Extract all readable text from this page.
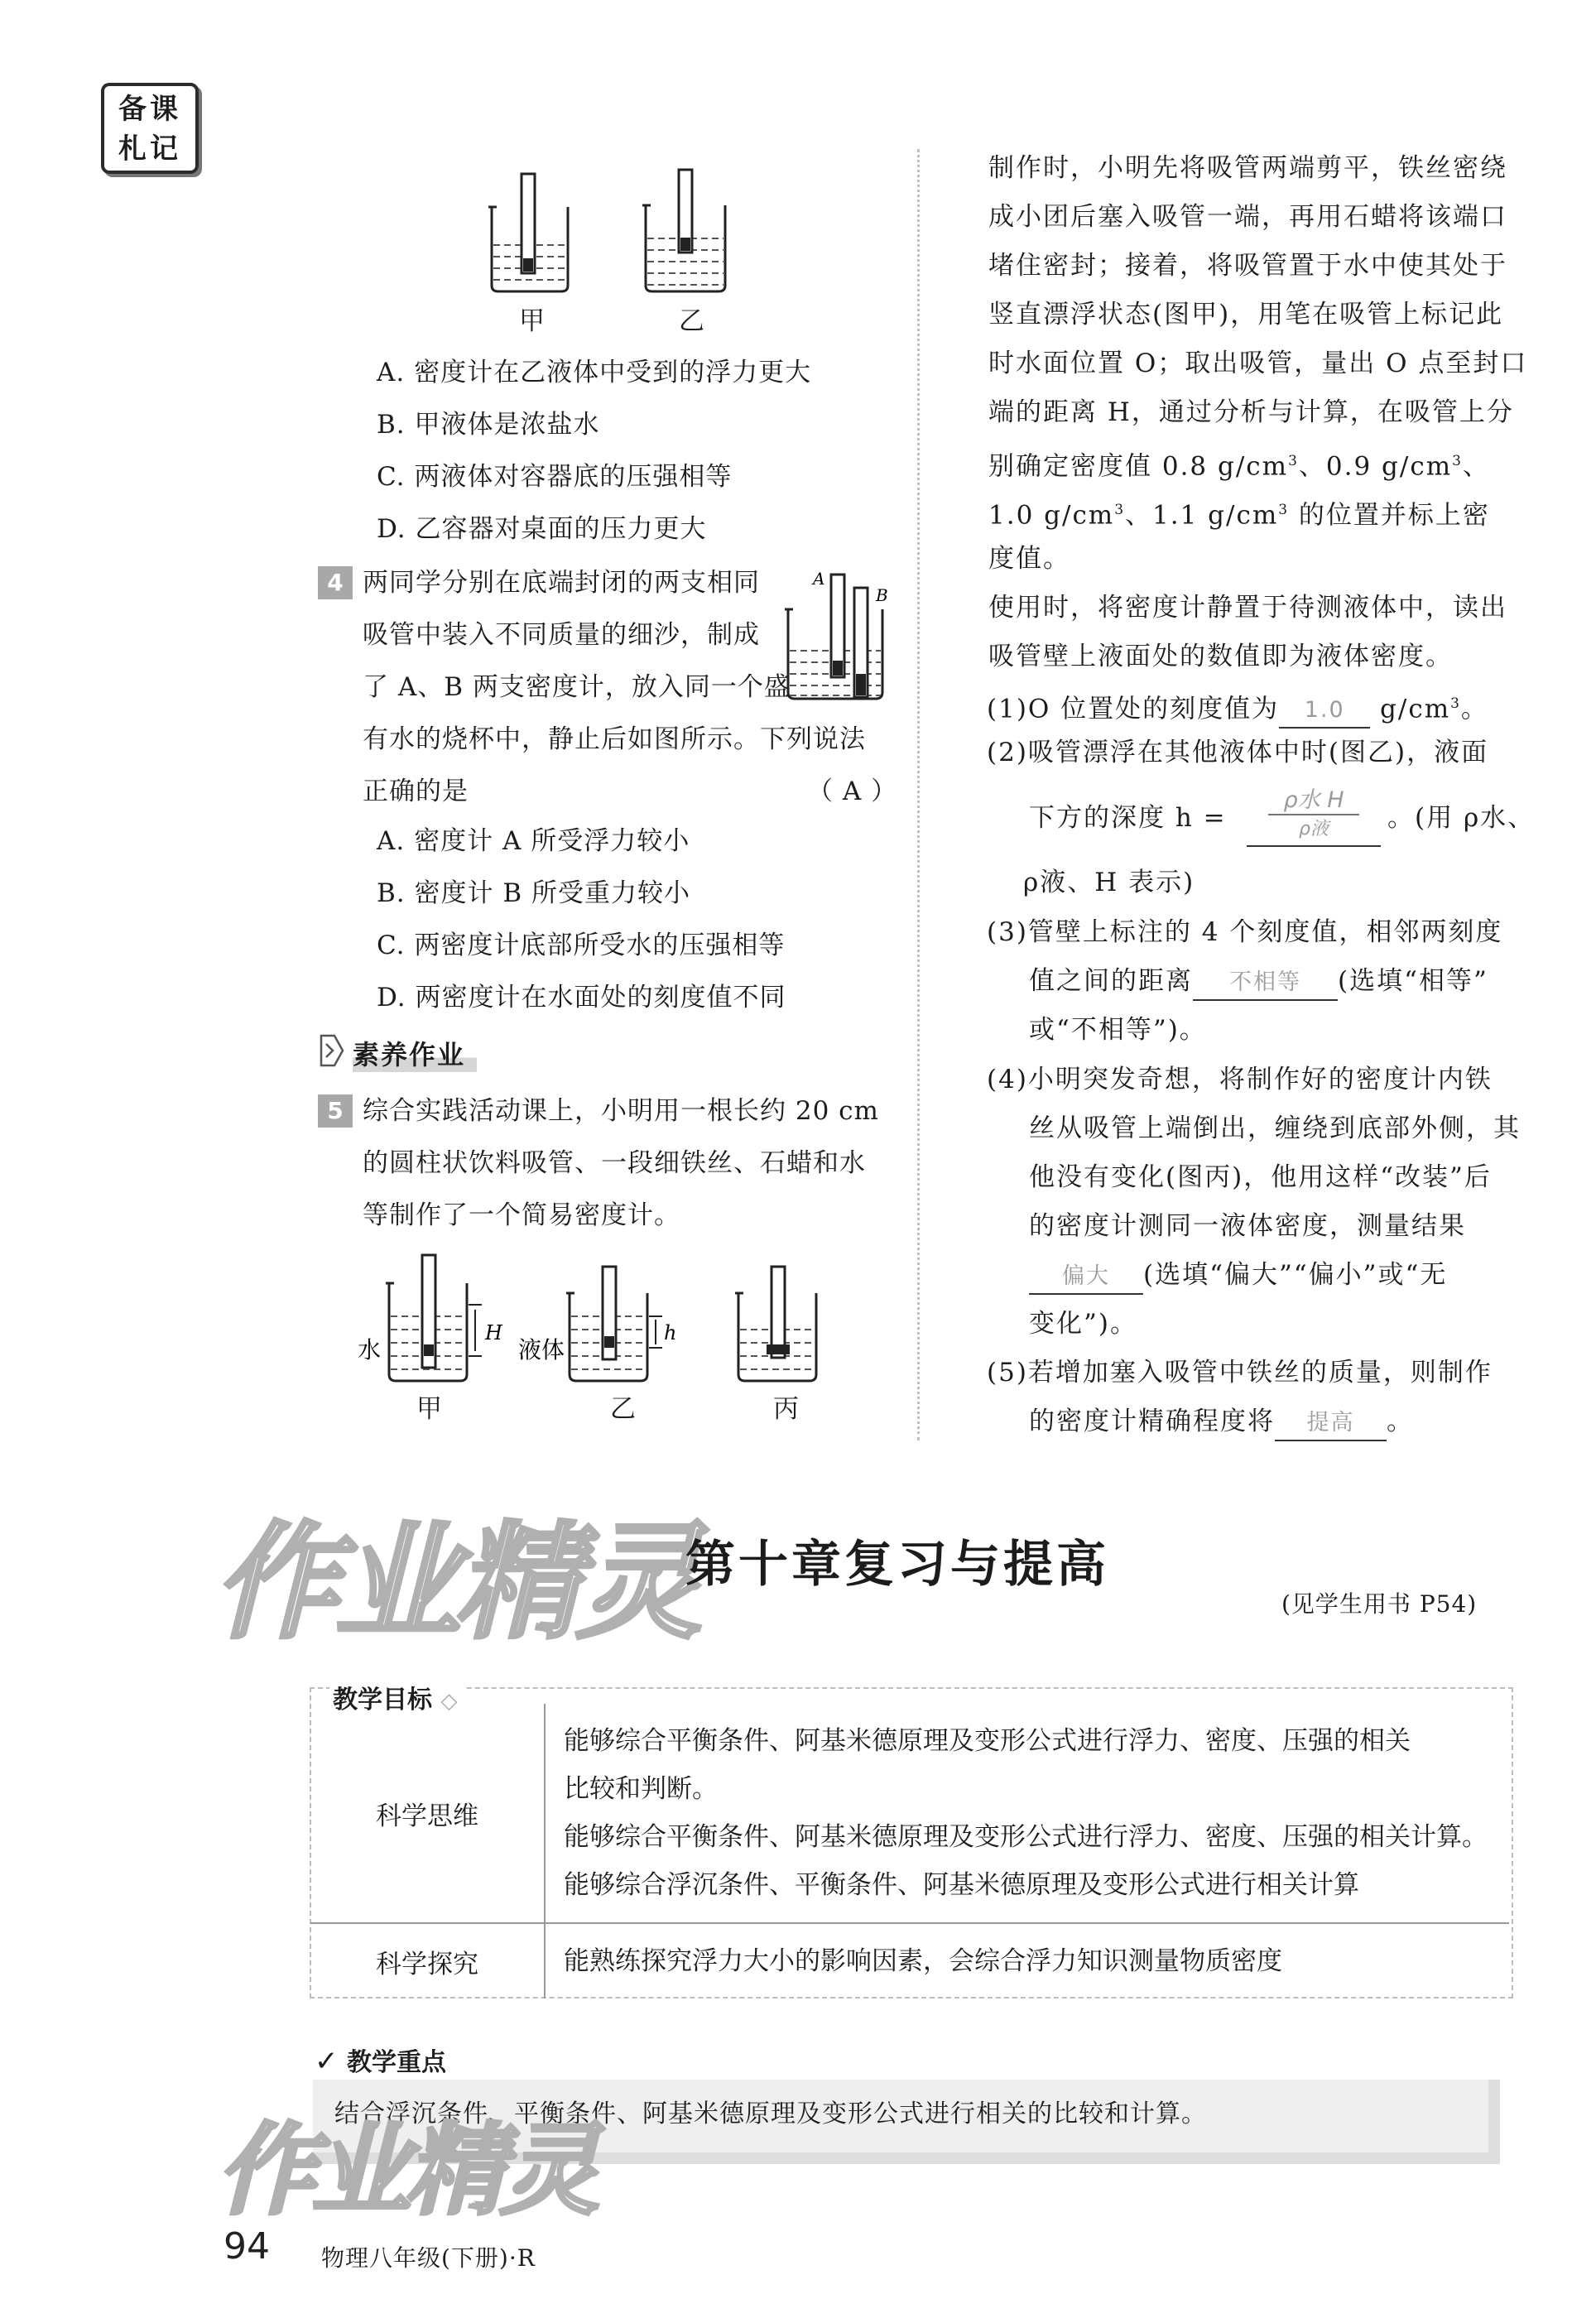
备课
札记
甲	乙
A. 密度计在乙液体中受到的浮力更大
B. 甲液体是浓盐水
C. 两液体对容器底的压强相等
D. 乙容器对桌面的压力更大
4 两同学分别在底端封闭的两支相同
吸管中装入不同质量的细沙，制成
了 A、B 两支密度计，放入同一个盛
有水的烧杯中，静止后如图所示。下列说法
正确的是	（ A ）
A
B
A. 密度计 A 所受浮力较小
B. 密度计 B 所受重力较小
C. 两密度计底部所受水的压强相等
D. 两密度计在水面处的刻度值不同
素养作业
5 综合实践活动课上，小明用一根长约 20 cm
的圆柱状饮料吸管、一段细铁丝、石蜡和水
等制作了一个简易密度计。
H	h
水	液体
甲	乙	丙
制作时，小明先将吸管两端剪平，铁丝密绕
成小团后塞入吸管一端，再用石蜡将该端口
堵住密封；接着，将吸管置于水中使其处于
竖直漂浮状态(图甲)，用笔在吸管上标记此
时水面位置 O；取出吸管，量出 O 点至封口
端的距离 H，通过分析与计算，在吸管上分
别确定密度值 0.8 $g/cm^3$、0.9 $g/cm^3$、
1.0 $g/cm^3$、1.1 $g/cm^3$ 的位置并标上密
度值。
使用时，将密度计静置于待测液体中，读出
吸管壁上液面处的数值即为液体密度。
(1)O 位置处的刻度值为 1.0 $g/cm^3$。
(2)吸管漂浮在其他液体中时(图乙)，液面
下方的深度 h =
ρ水 H
ρ液	。(用 ρ水、
ρ液、H 表示)
(3)管壁上标注的 4 个刻度值，相邻两刻度
值之间的距离 不相等 (选填“相等”
或“不相等”)。
(4)小明突发奇想，将制作好的密度计内铁
丝从吸管上端倒出，缠绕到底部外侧，其
他没有变化(图丙)，他用这样“改装”后
的密度计测同一液体密度，测量结果
偏大 (选填“偏大”“偏小”或“无
变化”)。
(5)若增加塞入吸管中铁丝的质量，则制作
的密度计精确程度将 提高 。
作业精灵
第十章复习与提高
(见学生用书 P54)
教学目标 ◇
科学思维	能够综合平衡条件、阿基米德原理及变形公式进行浮力、密度、压强的相关
比较和判断。
能够综合平衡条件、阿基米德原理及变形公式进行浮力、密度、压强的相关计算。
能够综合浮沉条件、平衡条件、阿基米德原理及变形公式进行相关计算

科学探究	能熟练探究浮力大小的影响因素，会综合浮力知识测量物质密度
✓ 教学重点
结合浮沉条件、平衡条件、阿基米德原理及变形公式进行相关的比较和计算。
作业精灵
94 物理八年级(下册)·R
